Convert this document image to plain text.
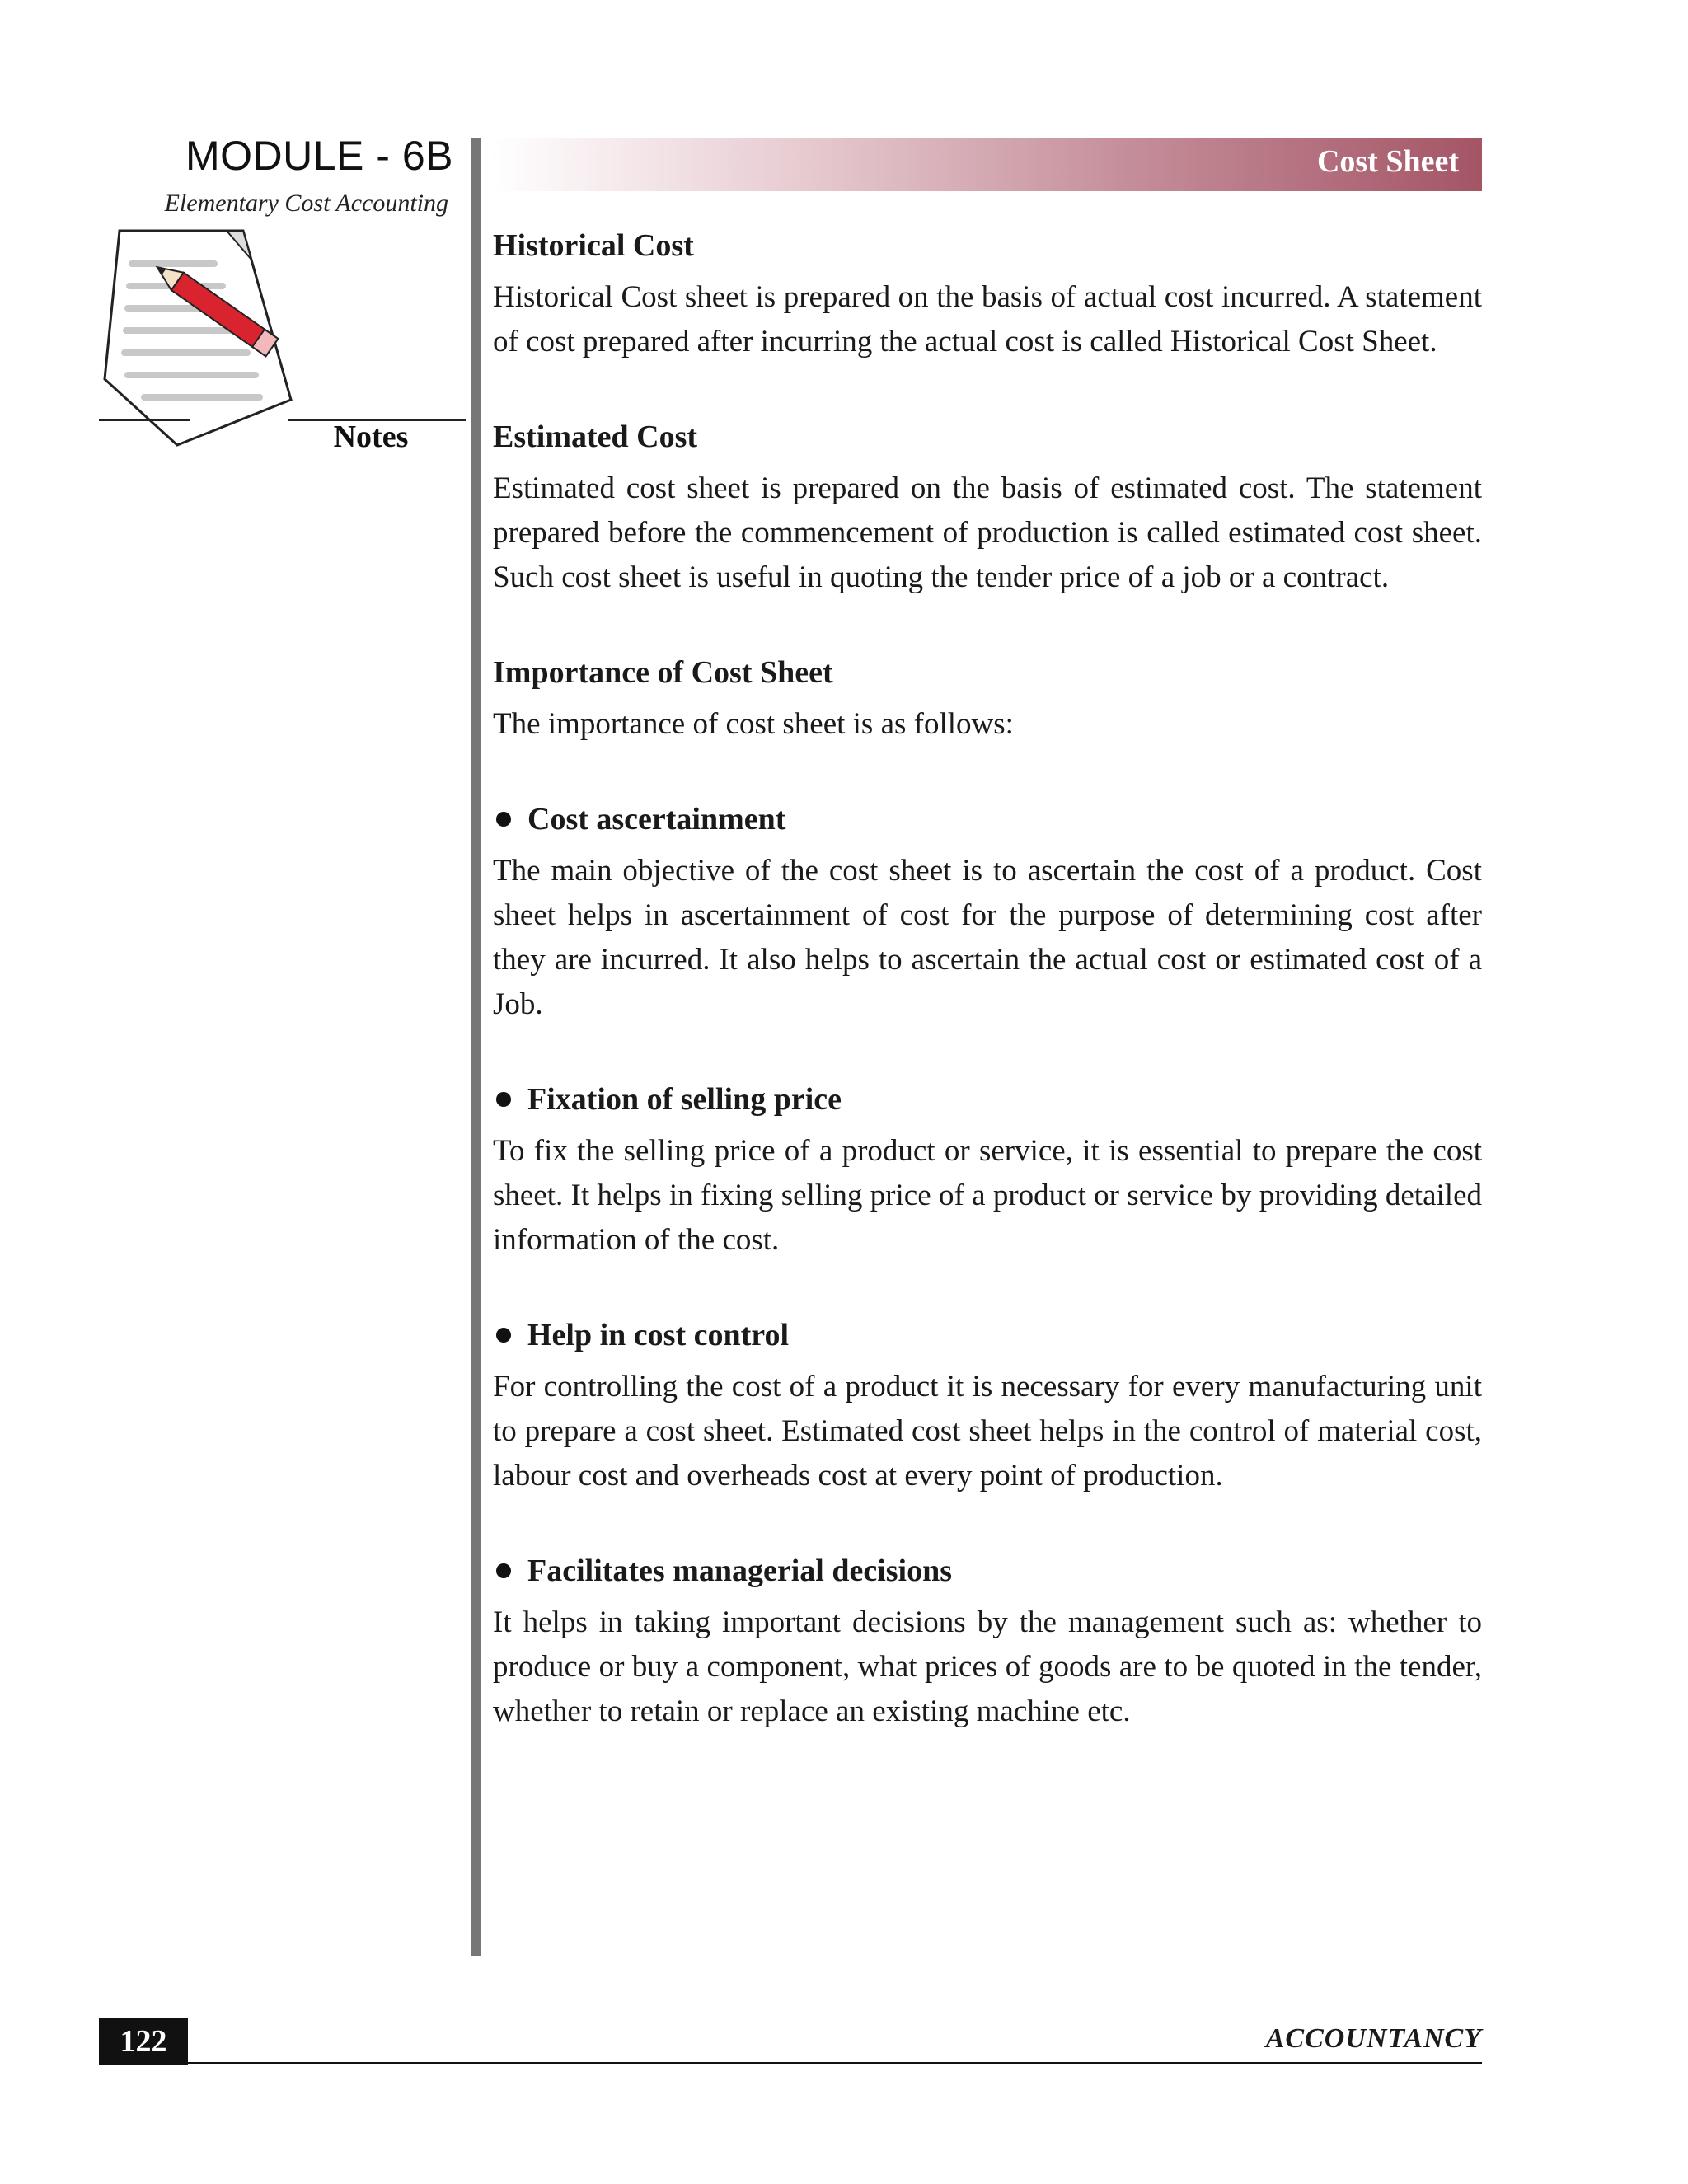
MODULE - 6B
Elementary Cost Accounting
Notes
Cost Sheet
Historical Cost

Historical Cost sheet is prepared on the basis of actual cost incurred. A statement of cost prepared after incurring the actual cost is called Historical Cost Sheet.

Estimated Cost

Estimated cost sheet is prepared on the basis of estimated cost. The statement prepared before the commencement of production is called estimated cost sheet. Such cost sheet is useful in quoting the tender price of a job or a contract.

Importance of Cost Sheet

The importance of cost sheet is as follows:

Cost ascertainment

The main objective of the cost sheet is to ascertain the cost of a product. Cost sheet helps in ascertainment of cost for the purpose of determining cost after they are incurred. It also helps to ascertain the actual cost or estimated cost of a Job.

Fixation of selling price

To fix the selling price of a product or service, it is essential to prepare the cost sheet. It helps in fixing selling price of a product or service by providing detailed information of the cost.

Help in cost control

For controlling the cost of a product it is necessary for every manufacturing unit to prepare a cost sheet. Estimated cost sheet helps in the control of material cost, labour cost and overheads cost at every point of production.

Facilitates managerial decisions

It helps in taking important decisions by the management such as: whether to produce or buy a component, what prices of goods are to be quoted in the tender, whether to retain or replace an existing machine etc.

122	ACCOUNTANCY
